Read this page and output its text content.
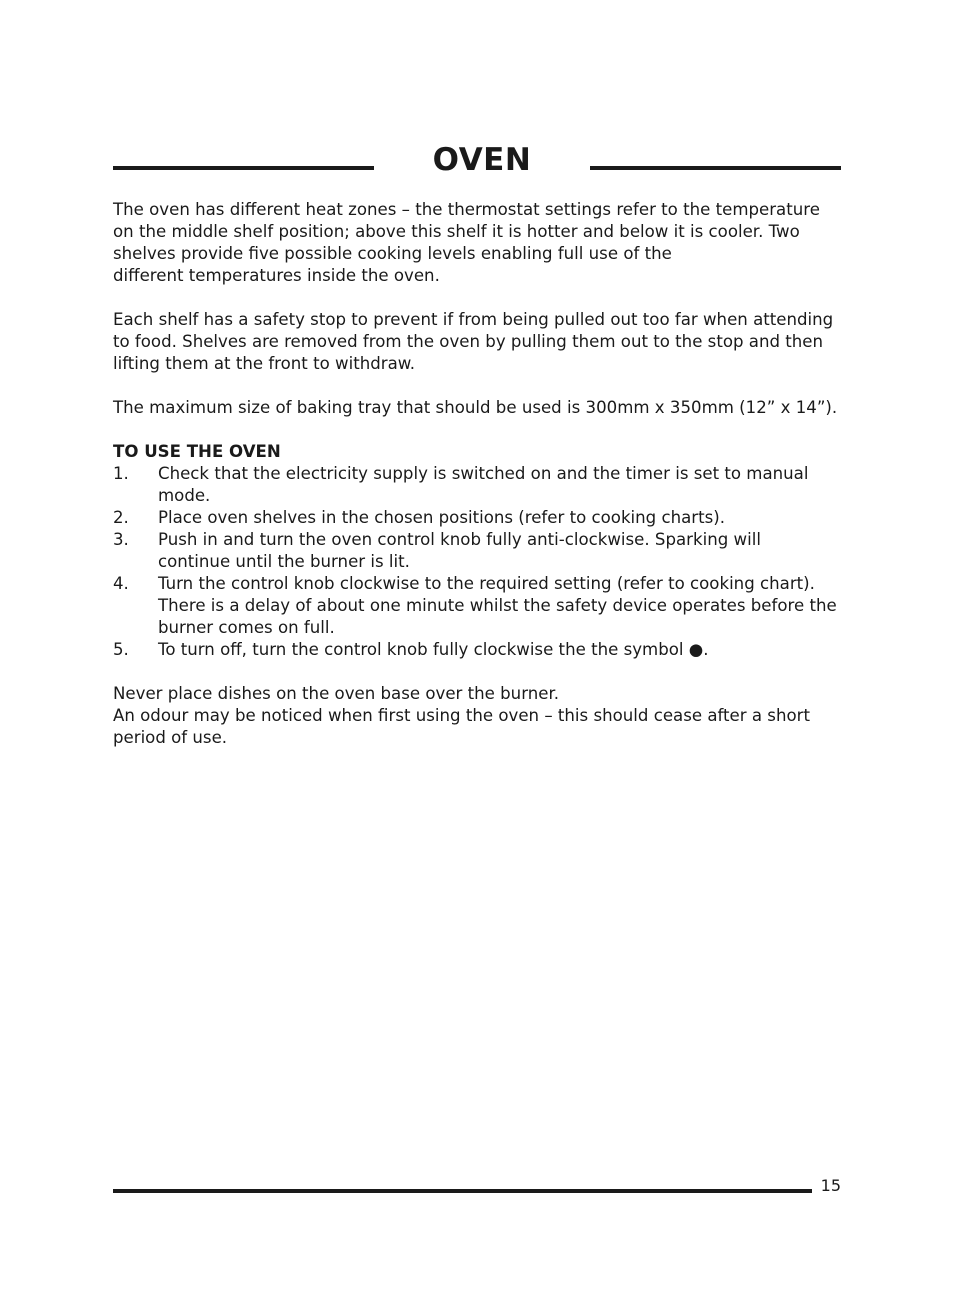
OVEN

The oven has different heat zones – the thermostat settings refer to the temperature
on the middle shelf position; above this shelf it is hotter and below it is cooler. Two
shelves provide five possible cooking levels enabling full use of the
different temperatures inside the oven.

Each shelf has a safety stop to prevent if from being pulled out too far when attending
to food. Shelves are removed from the oven by pulling them out to the stop and then
lifting them at the front to withdraw.

The maximum size of baking tray that should be used is 300mm x 350mm (12” x 14”).

TO USE THE OVEN

1.	Check that the electricity supply is switched on and the timer is set to manual
mode.
2.	Place oven shelves in the chosen positions (refer to cooking charts).
3.	Push in and turn the oven control knob fully anti-clockwise. Sparking will
continue until the burner is lit.
4.	Turn the control knob clockwise to the required setting (refer to cooking chart).
There is a delay of about one minute whilst the safety device operates before the
burner comes on full.
5.	To turn off, turn the control knob fully clockwise the the symbol ●.

Never place dishes on the oven base over the burner.

An odour may be noticed when first using the oven – this should cease after a short
period of use.

15
